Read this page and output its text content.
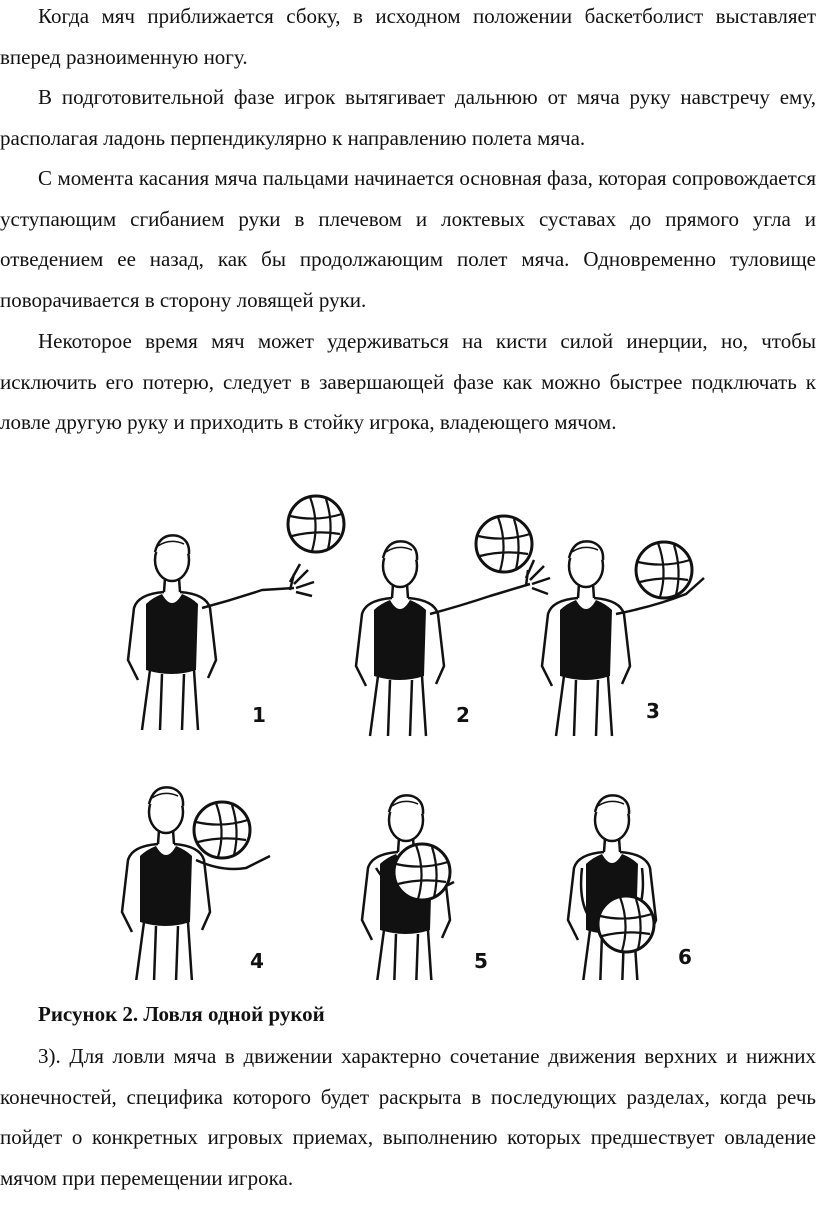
Когда мяч приближается сбоку, в исходном положении баскетболист выставляет вперед разноименную ногу.

В подготовительной фазе игрок вытягивает дальнюю от мяча руку навстречу ему, располагая ладонь перпендикулярно к направлению полета мяча.

С момента касания мяча пальцами начинается основная фаза, которая сопровождается уступающим сгибанием руки в плечевом и локтевых суставах до прямого угла и отведением ее назад, как бы продолжающим полет мяча. Одновременно туловище поворачивается в сторону ловящей руки.

Некоторое время мяч может удерживаться на кисти силой инерции, но, чтобы исключить его потерю, следует в завершающей фазе как можно быстрее подключать к ловле другую руку и приходить в стойку игрока, владеющего мячом.

1	2	3
4	5	6

Рисунок 2. Ловля одной рукой

3). Для ловли мяча в движении характерно сочетание движения верхних и нижних конечностей, специфика которого будет раскрыта в последующих разделах, когда речь пойдет о конкретных игровых приемах, выполнению которых предшествует овладение мячом при перемещении игрока.
